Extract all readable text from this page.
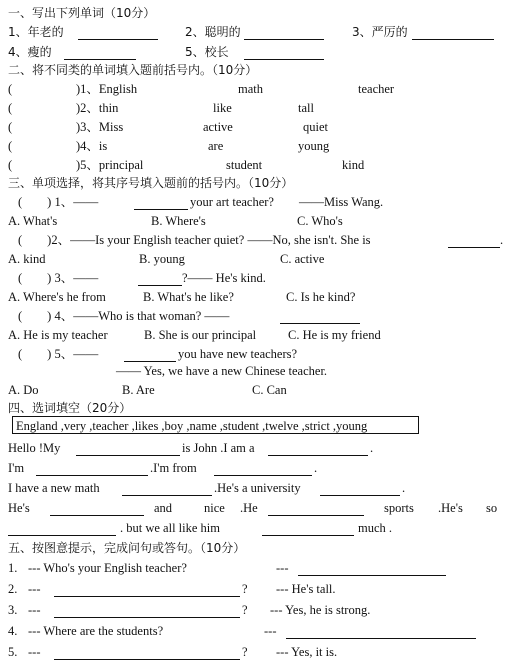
一、写出下列单词（10分）
1、年老的	2、聪明的	3、严厉的
4、瘦的	5、校长
二、将不同类的单词填入题前括号内。（10分）
(	)1、English	math	teacher
(	)2、thin	like	tall
(	)3、Miss	active	quiet
(	)4、is	are	young
(	)5、principal	student	kind
三、单项选择，将其序号填入题前的括号内。（10分）
(　　) 1、——	your art teacher?　　——Miss Wang.
A. What's	B. Where's	C. Who's
(　　)2、——Is your English teacher quiet? ——No, she isn't. She is	.
A. kind	B. young	C. active
(　　) 3、——	?—— He's kind.
A. Where's he from	B. What's he like?	C. Is he kind?
(　　) 4、——Who is that woman? ——
A. He is my teacher	B. She is our principal	C. He is my friend
(　　) 5、——	you have new teachers?
—— Yes, we have a new Chinese teacher.
A. Do	B. Are	C. Can
四、选词填空（20分）
England ,very ,teacher ,likes ,boy ,name ,student ,twelve ,strict ,young
Hello !My	is John .I am a	.
I'm	.I'm from	.
I have a new math	.He's a university	.
He's	and	nice .He	sports .He's so
. but we all like him	much .
五、按图意提示，完成问句或答句。（10分）
1. --- Who's your English teacher?	---
2. ---	? --- He's tall.
3. ---	? --- Yes, he is strong.
4. --- Where are the students?	---
5. ---	? --- Yes, it is.
